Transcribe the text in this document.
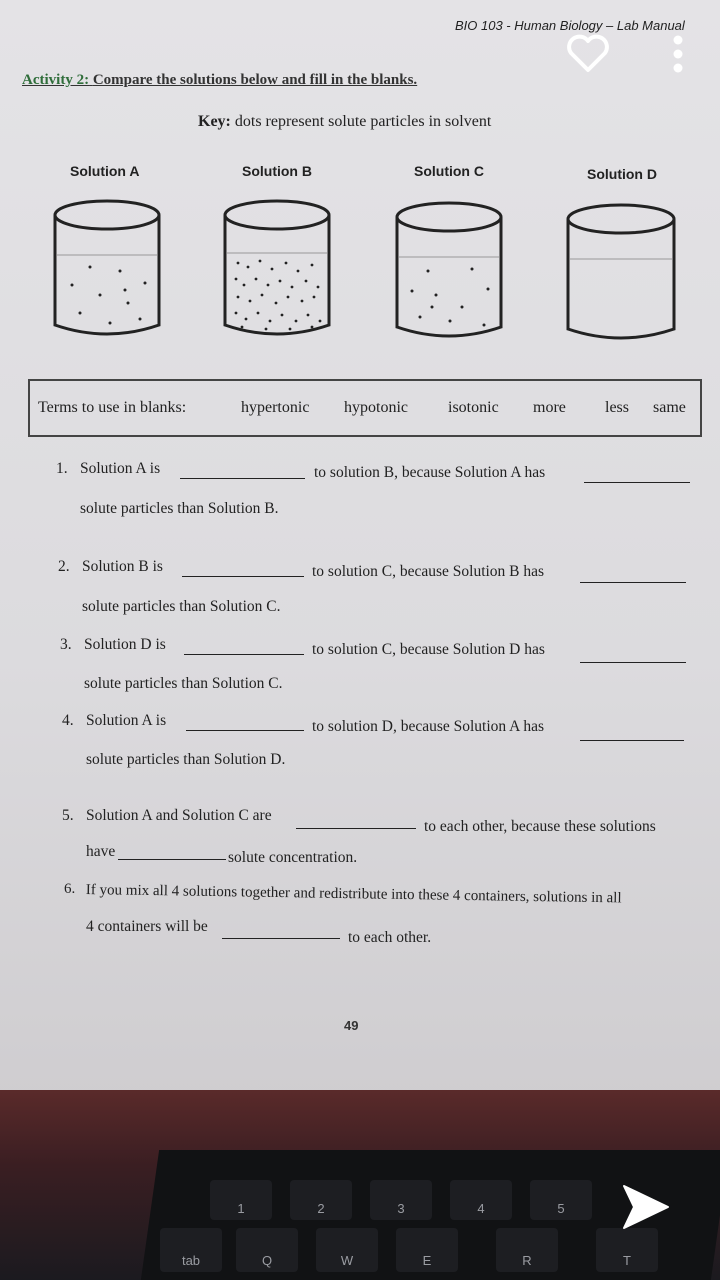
BIO 103 - Human Biology – Lab Manual
Activity 2: Compare the solutions below and fill in the blanks.
Key: dots represent solute particles in solvent
Solution A	Solution B	Solution C	Solution D
Terms to use in blanks:	hypertonic hypotonic	isotonic more less same
1. Solution A is	to solution B, because Solution A has
solute particles than Solution B.
2. Solution B is	to solution C, because Solution B has
solute particles than Solution C.
3. Solution D is	to solution C, because Solution D has
solute particles than Solution C.
4. Solution A is	to solution D, because Solution A has
solute particles than Solution D.
5. Solution A and Solution C are
to each other, because these solutions
have	solute concentration.
6. If you mix all 4 solutions together and redistribute into these 4 containers, solutions in all
4 containers will be
to each other.
49
2
1	3	4	5
tab	Q	W	E	R	T
